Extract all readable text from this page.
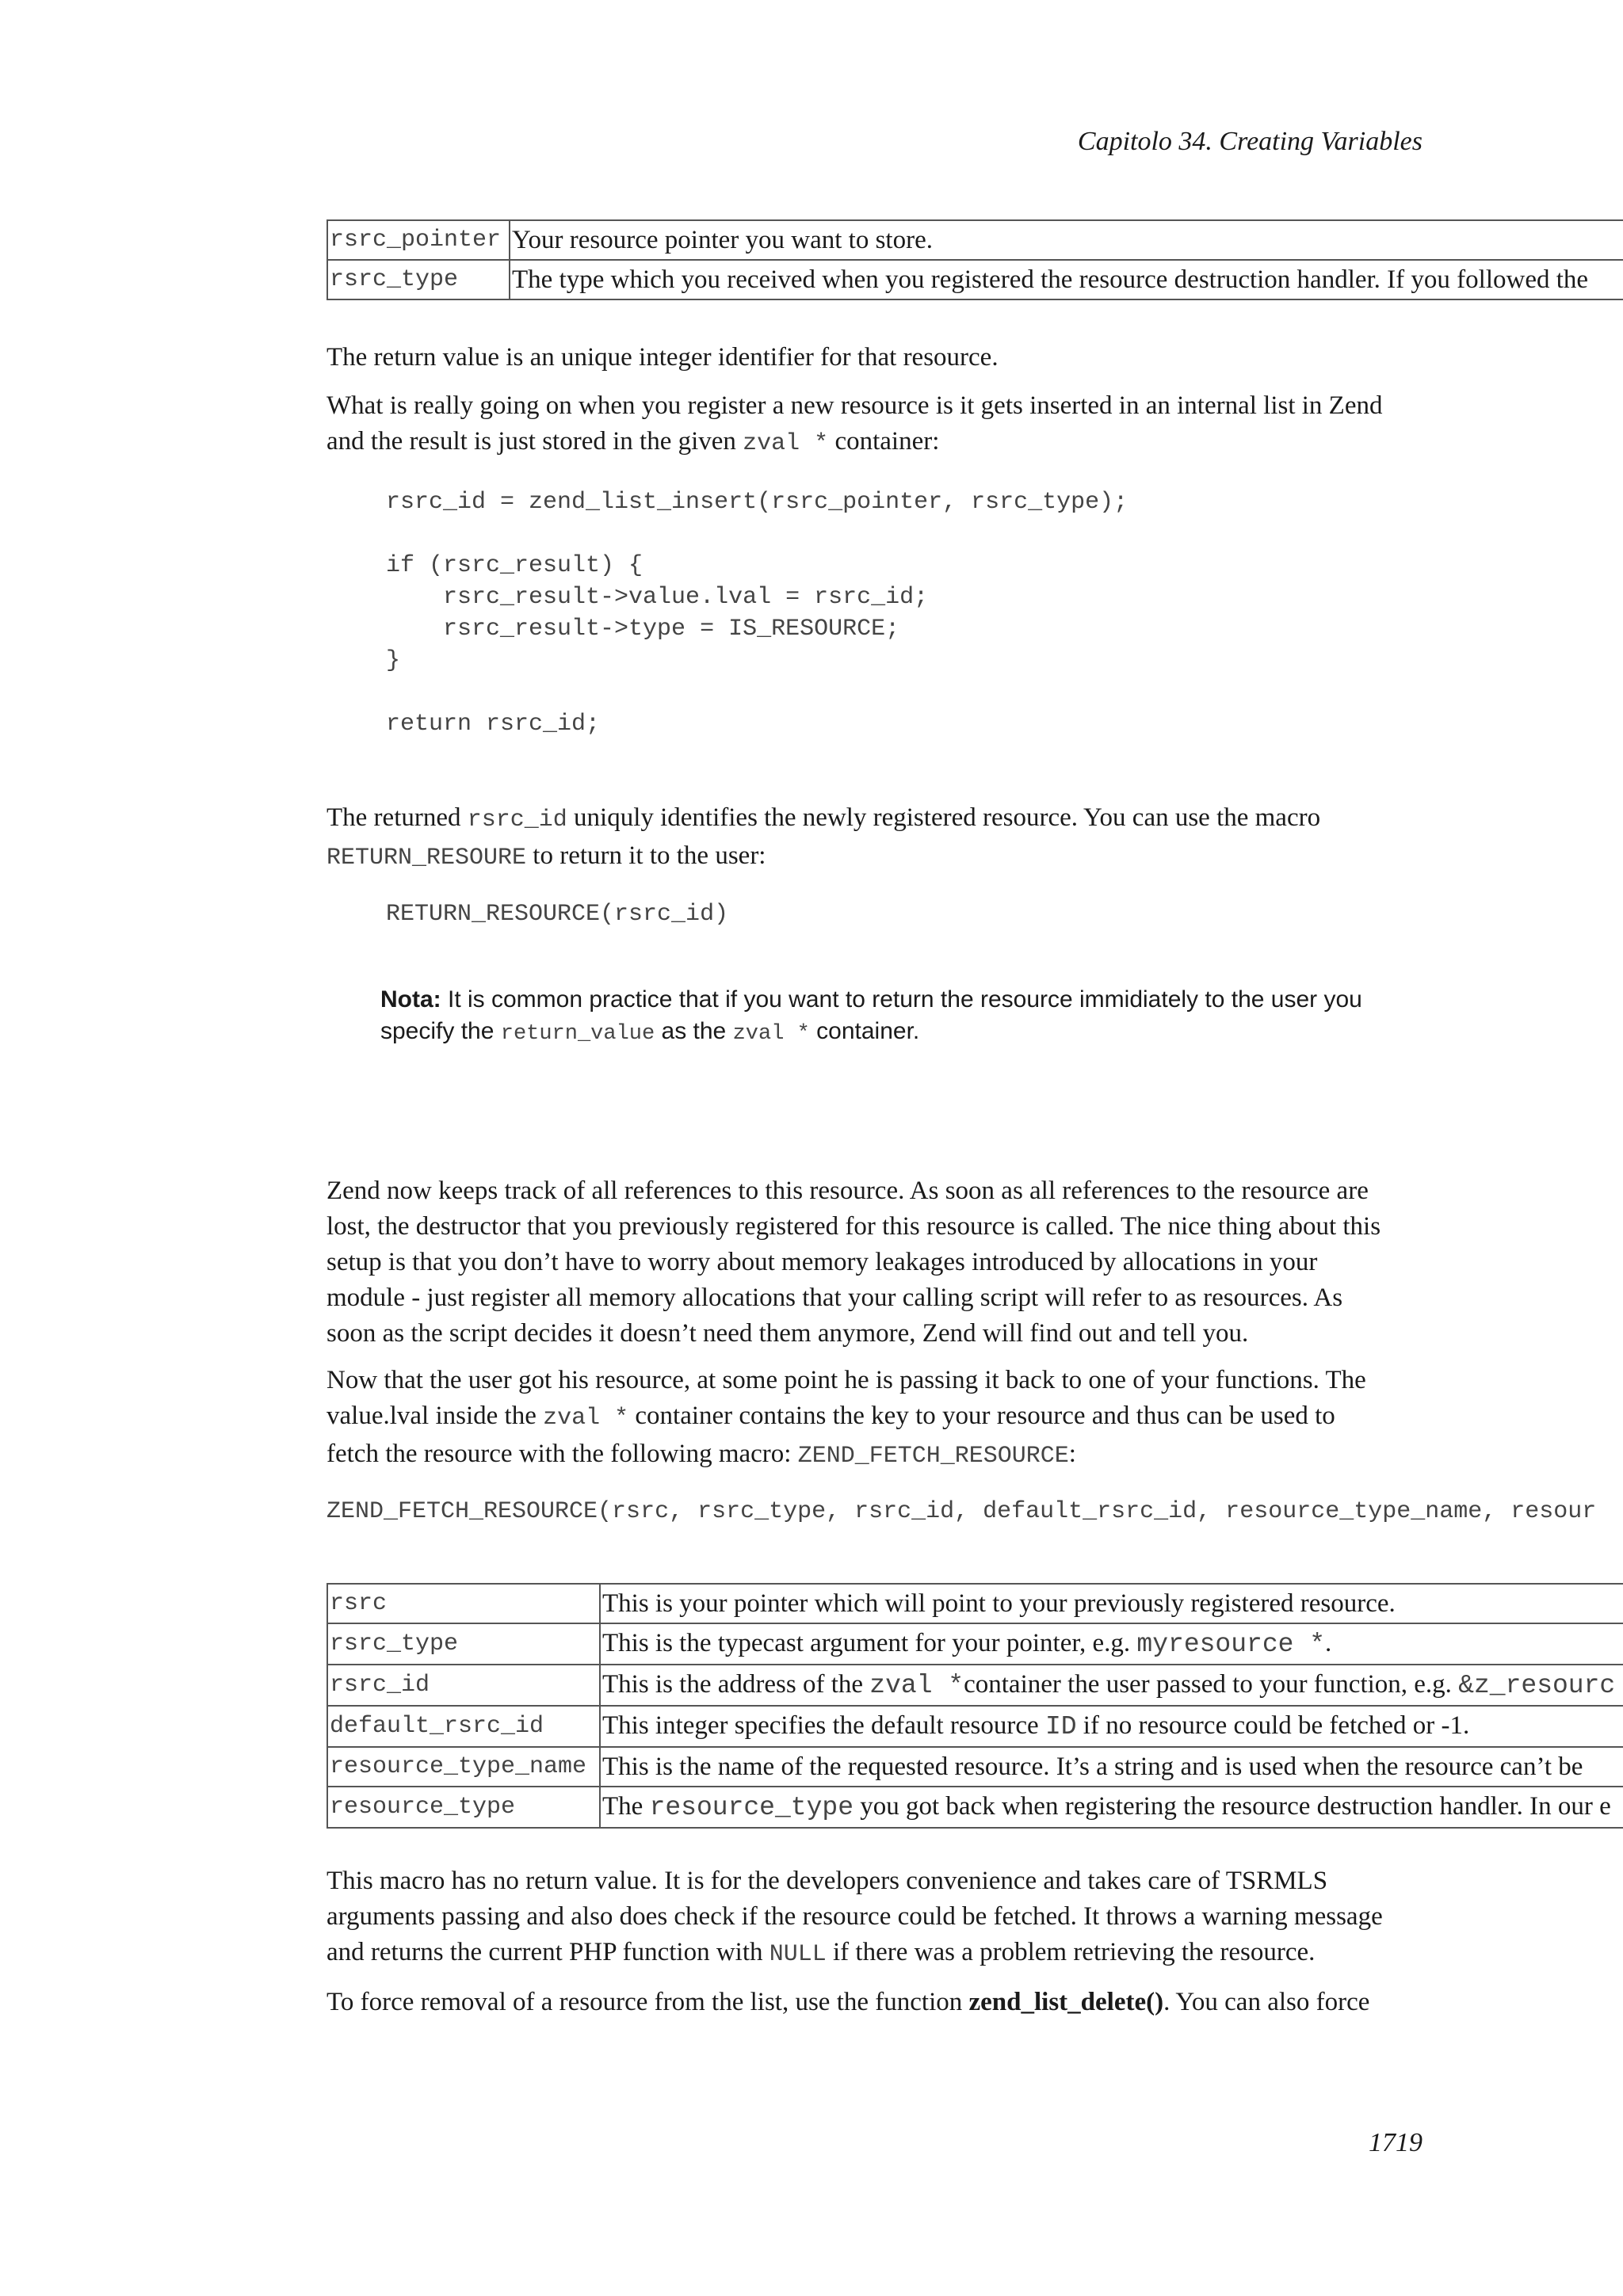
Capitolo 34. Creating Variables
rsrc_pointer	Your resource pointer you want to store.
rsrc_type	The type which you received when you registered the resource destruction handler. If you followed the
The return value is an unique integer identifier for that resource.
What is really going on when you register a new resource is it gets inserted in an internal list in Zend
and the result is just stored in the given zval * container:
rsrc_id = zend_list_insert(rsrc_pointer, rsrc_type);

if (rsrc_result) {
rsrc_result->value.lval = rsrc_id;
rsrc_result->type = IS_RESOURCE;
}

return rsrc_id;
The returned rsrc_id uniquly identifies the newly registered resource. You can use the macro
RETURN_RESOURE to return it to the user:
RETURN_RESOURCE(rsrc_id)
Nota: It is common practice that if you want to return the resource immidiately to the user you
specify the return_value as the zval * container.
Zend now keeps track of all references to this resource. As soon as all references to the resource are
lost, the destructor that you previously registered for this resource is called. The nice thing about this
setup is that you don’t have to worry about memory leakages introduced by allocations in your
module - just register all memory allocations that your calling script will refer to as resources. As
soon as the script decides it doesn’t need them anymore, Zend will find out and tell you.
Now that the user got his resource, at some point he is passing it back to one of your functions. The
value.lval inside the zval * container contains the key to your resource and thus can be used to
fetch the resource with the following macro: ZEND_FETCH_RESOURCE:
ZEND_FETCH_RESOURCE(rsrc, rsrc_type, rsrc_id, default_rsrc_id, resource_type_name, resour
rsrc	This is your pointer which will point to your previously registered resource.
rsrc_type	This is the typecast argument for your pointer, e.g. myresource *.
rsrc_id	This is the address of the zval *container the user passed to your function, e.g. &z_resourc
default_rsrc_id	This integer specifies the default resource ID if no resource could be fetched or -1.
resource_type_name	This is the name of the requested resource. It’s a string and is used when the resource can’t be
resource_type	The resource_type you got back when registering the resource destruction handler. In our e
This macro has no return value. It is for the developers convenience and takes care of TSRMLS
arguments passing and also does check if the resource could be fetched. It throws a warning message
and returns the current PHP function with NULL if there was a problem retrieving the resource.
To force removal of a resource from the list, use the function zend_list_delete(). You can also force
1719
